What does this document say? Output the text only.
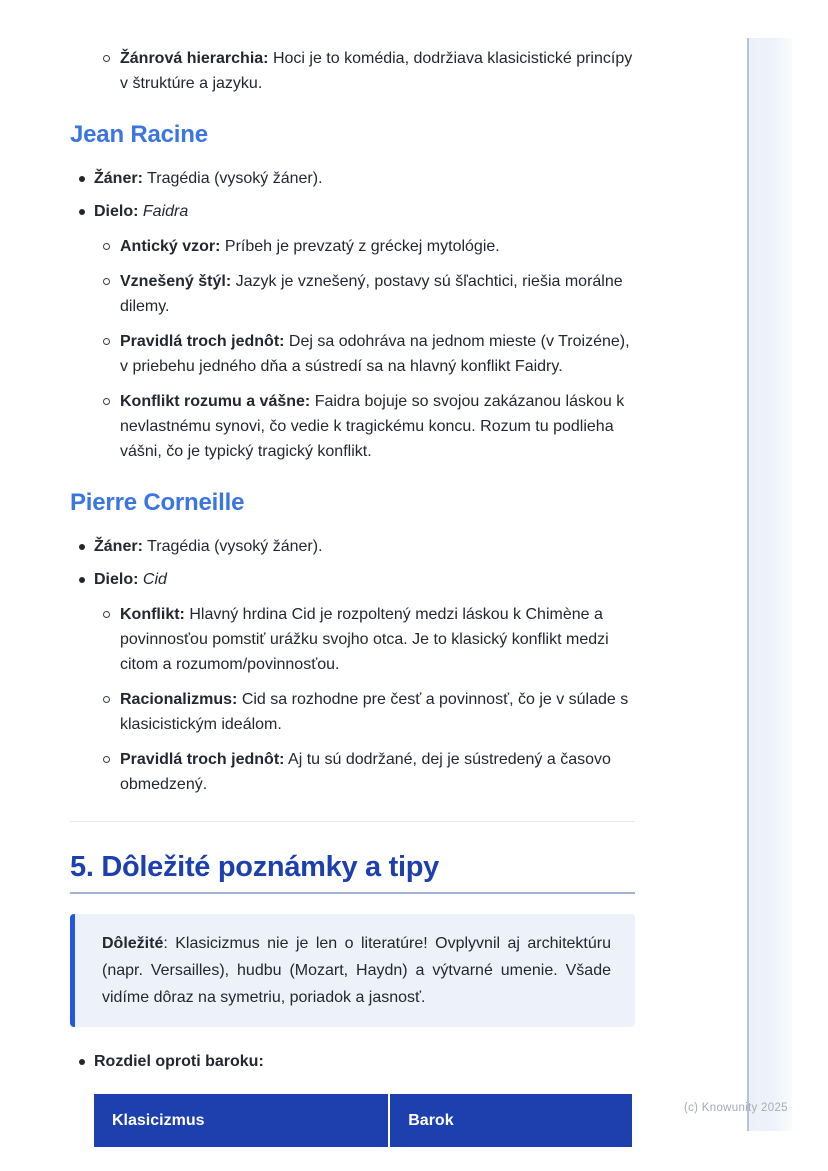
Žánrová hierarchia: Hoci je to komédia, dodržiava klasicistické princípy v štruktúre a jazyku.
Jean Racine
Žáner: Tragédia (vysoký žáner).
Dielo: Faidra
Antický vzor: Príbeh je prevzatý z gréckej mytológie.
Vznešený štýl: Jazyk je vznešený, postavy sú šľachtici, riešia morálne dilemy.
Pravidlá troch jednôt: Dej sa odohráva na jednom mieste (v Troizéne), v priebehu jedného dňa a sústredí sa na hlavný konflikt Faidry.
Konflikt rozumu a vášne: Faidra bojuje so svojou zakázanou láskou k nevlastnému synovi, čo vedie k tragickému koncu. Rozum tu podlieha vášni, čo je typický tragický konflikt.
Pierre Corneille
Žáner: Tragédia (vysoký žáner).
Dielo: Cid
Konflikt: Hlavný hrdina Cid je rozpoltený medzi láskou k Chimène a povinnosťou pomstiť urážku svojho otca. Je to klasický konflikt medzi citom a rozumom/povinnosťou.
Racionalizmus: Cid sa rozhodne pre česť a povinnosť, čo je v súlade s klasicistickým ideálom.
Pravidlá troch jednôt: Aj tu sú dodržané, dej je sústredený a časovo obmedzený.
5. Dôležité poznámky a tipy

Dôležité: Klasicizmus nie je len o literatúre! Ovplyvnil aj architektúru (napr. Versailles), hudbu (Mozart, Haydn) a výtvarné umenie. Všade vidíme dôraz na symetriu, poriadok a jasnosť.

Rozdiel oproti baroku:
Klasicizmus	Barok
(c) Knowunity 2025
